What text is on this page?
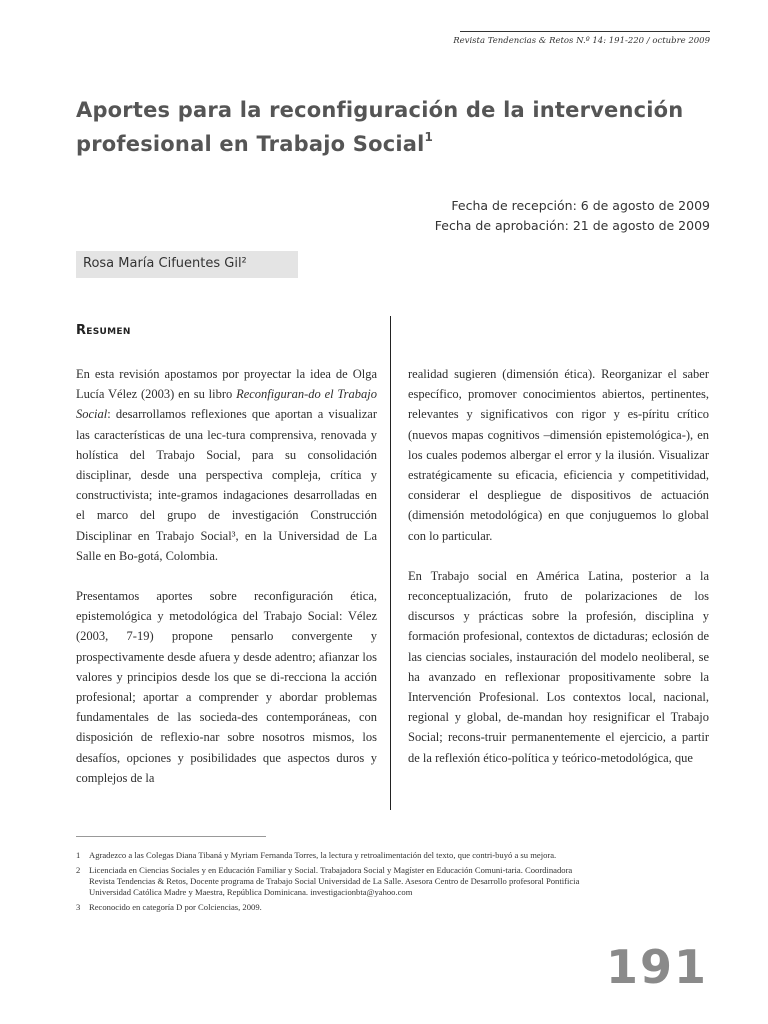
Revista Tendencias & Retos N.º 14: 191-220 / octubre 2009
Aportes para la reconfiguración de la intervención profesional en Trabajo Social$^1$
Fecha de recepción: 6 de agosto de 2009
Fecha de aprobación: 21 de agosto de 2009
Rosa María Cifuentes Gil²
Resumen

En esta revisión apostamos por proyectar la idea de Olga Lucía Vélez (2003) en su libro Reconfiguran-do el Trabajo Social: desarrollamos reflexiones que aportan a visualizar las características de una lec-tura comprensiva, renovada y holística del Trabajo Social, para su consolidación disciplinar, desde una perspectiva compleja, crítica y constructivista; inte-gramos indagaciones desarrolladas en el marco del grupo de investigación Construcción Disciplinar en Trabajo Social³, en la Universidad de La Salle en Bo-gotá, Colombia.

Presentamos aportes sobre reconfiguración ética, epistemológica y metodológica del Trabajo Social: Vélez (2003, 7-19) propone pensarlo convergente y prospectivamente desde afuera y desde adentro; afianzar los valores y principios desde los que se di-recciona la acción profesional; aportar a comprender y abordar problemas fundamentales de las socieda-des contemporáneas, con disposición de reflexio-nar sobre nosotros mismos, los desafíos, opciones y posibilidades que aspectos duros y complejos de la

realidad sugieren (dimensión ética). Reorganizar el saber específico, promover conocimientos abiertos, pertinentes, relevantes y significativos con rigor y es-píritu crítico (nuevos mapas cognitivos –dimensión epistemológica-), en los cuales podemos albergar el error y la ilusión. Visualizar estratégicamente su eficacia, eficiencia y competitividad, considerar el despliegue de dispositivos de actuación (dimensión metodológica) en que conjuguemos lo global con lo particular.

En Trabajo social en América Latina, posterior a la reconceptualización, fruto de polarizaciones de los discursos y prácticas sobre la profesión, disciplina y formación profesional, contextos de dictaduras; eclosión de las ciencias sociales, instauración del modelo neoliberal, se ha avanzado en reflexionar propositivamente sobre la Intervención Profesional. Los contextos local, nacional, regional y global, de-mandan hoy resignificar el Trabajo Social; recons-truir permanentemente el ejercicio, a partir de la reflexión ético-política y teórico-metodológica, que

1	Agradezco a las Colegas Diana Tibaná y Myriam Fernanda Torres, la lectura y retroalimentación del texto, que contri-buyó a su mejora.
2	Licenciada en Ciencias Sociales y en Educación Familiar y Social. Trabajadora Social y Magíster en Educación Comuni-taria. Coordinadora Revista Tendencias & Retos, Docente programa de Trabajo Social Universidad de La Salle. Asesora Centro de Desarrollo profesoral Pontificia Universidad Católica Madre y Maestra, República Dominicana. investigacionbta@yahoo.com
3	Reconocido en categoría D por Colciencias, 2009.
191
